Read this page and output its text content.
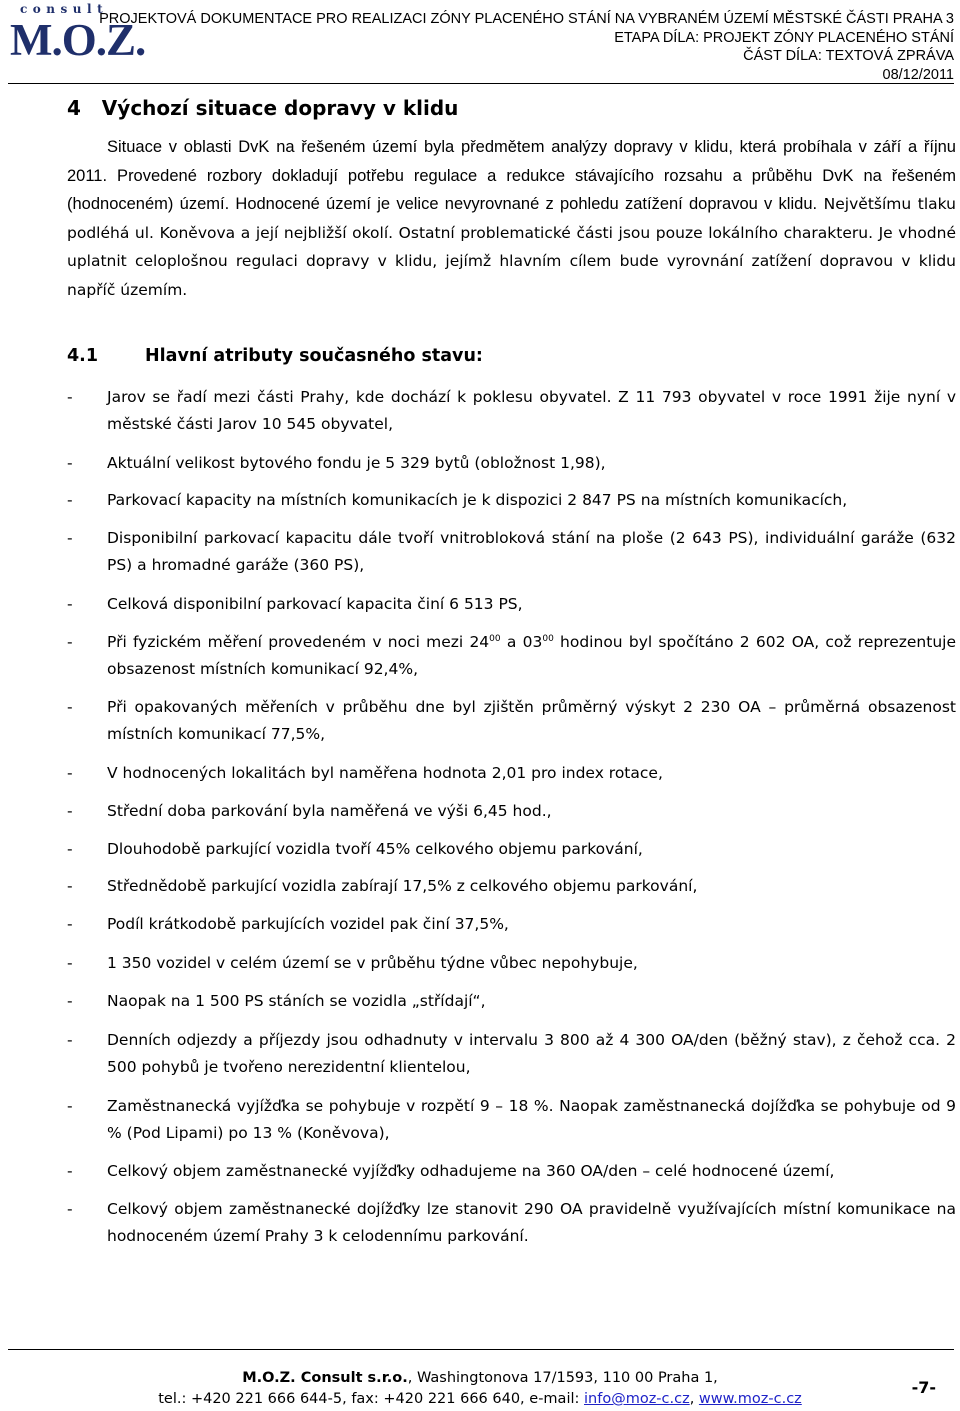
consult
M.O.Z.
PROJEKTOVÁ DOKUMENTACE PRO REALIZACI ZÓNY PLACENÉHO STÁNÍ NA VYBRANÉM ÚZEMÍ MĚSTSKÉ ČÁSTI PRAHA 3
ETAPA DÍLA: PROJEKT ZÓNY PLACENÉHO STÁNÍ
ČÁST DÍLA: TEXTOVÁ ZPRÁVA
08/12/2011
4   Výchozí situace dopravy v klidu
Situace v oblasti DvK na řešeném území byla předmětem analýzy dopravy v klidu, která probíhala v září a říjnu 2011. Provedené rozbory dokladují potřebu regulace a redukce stávajícího rozsahu a průběhu DvK na řešeném (hodnoceném) území. Hodnocené území je velice nevyrovnané z pohledu zatížení dopravou v klidu. Největšímu tlaku podléhá ul. Koněvova a její nejbližší okolí. Ostatní problematické části jsou pouze lokálního charakteru. Je vhodné uplatnit celoplošnou regulaci dopravy v klidu, jejímž hlavním cílem bude vyrovnání zatížení dopravou v klidu napříč územím.
4.1	Hlavní atributy současného stavu:
- Jarov se řadí mezi části Prahy, kde dochází k poklesu obyvatel. Z 11 793 obyvatel v roce 1991 žije nyní v městské části Jarov 10 545 obyvatel,
- Aktuální velikost bytového fondu je 5 329 bytů (obložnost 1,98),
- Parkovací kapacity na místních komunikacích je k dispozici 2 847 PS na místních komunikacích,
- Disponibilní parkovací kapacitu dále tvoří vnitrobloková stání na ploše (2 643 PS), individuální garáže (632 PS) a hromadné garáže (360 PS),
- Celková disponibilní parkovací kapacita činí 6 513 PS,
- Při fyzickém měření provedeném v noci mezi $24^{00}$ a $03^{00}$ hodinou byl spočítáno 2 602 OA, což reprezentuje obsazenost místních komunikací 92,4%,
- Při opakovaných měřeních v průběhu dne byl zjištěn průměrný výskyt 2 230 OA – průměrná obsazenost místních komunikací 77,5%,
- V hodnocených lokalitách byl naměřena hodnota 2,01 pro index rotace,
- Střední doba parkování byla naměřená ve výši 6,45 hod.,
- Dlouhodobě parkující vozidla tvoří 45% celkového objemu parkování,
- Střednědobě parkující vozidla zabírají 17,5% z celkového objemu parkování,
- Podíl krátkodobě parkujících vozidel pak činí 37,5%,
- 1 350 vozidel v celém území se v průběhu týdne vůbec nepohybuje,
- Naopak na 1 500 PS stáních se vozidla „střídají“,
- Denních odjezdy a příjezdy jsou odhadnuty v intervalu 3 800 až 4 300 OA/den (běžný stav), z čehož cca. 2 500 pohybů je tvořeno nerezidentní klientelou,
- Zaměstnanecká vyjížďka se pohybuje v rozpětí 9 – 18 %. Naopak zaměstnanecká dojížďka se pohybuje od 9 % (Pod Lipami) po 13 % (Koněvova),
- Celkový objem zaměstnanecké vyjížďky odhadujeme na 360 OA/den – celé hodnocené území,
- Celkový objem zaměstnanecké dojížďky lze stanovit 290 OA pravidelně využívajících místní komunikace na hodnoceném území Prahy 3 k celodennímu parkování.
M.O.Z. Consult s.r.o., Washingtonova 17/1593, 110 00 Praha 1,
tel.: +420 221 666 644-5, fax: +420 221 666 640, e-mail: info@moz-c.cz, www.moz-c.cz
-7-
